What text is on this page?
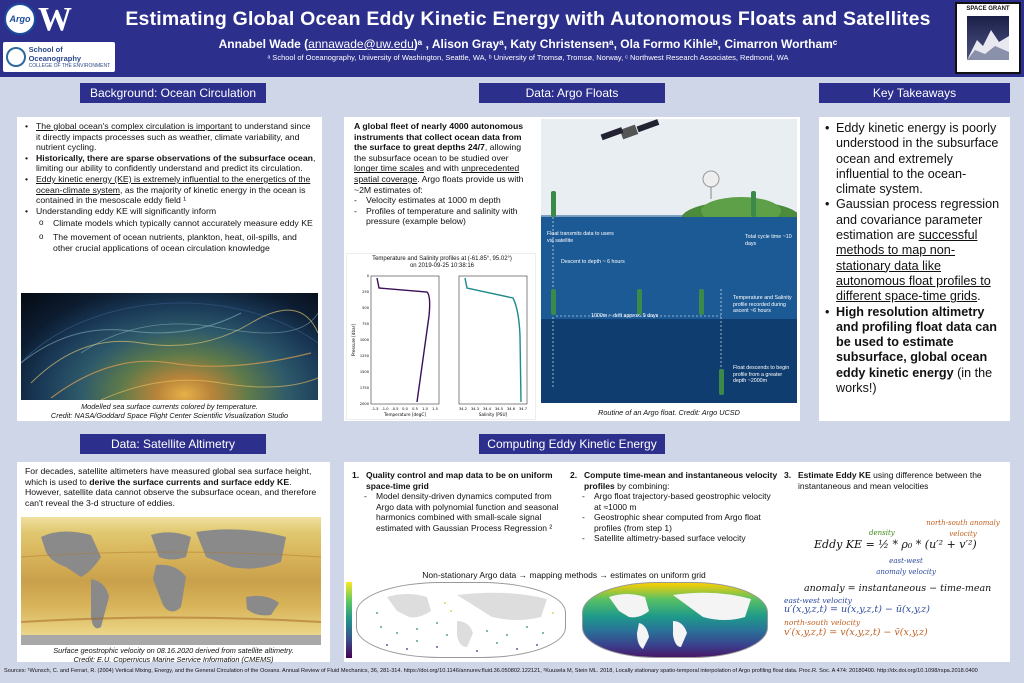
Argo W
School of Oceanography
COLLEGE OF THE ENVIRONMENT
Estimating Global Ocean Eddy Kinetic Energy with Autonomous Floats and Satellites
Annabel Wade (annawade@uw.edu)ᵃ , Alison Grayᵃ, Katy Christensenᵃ, Ola Formo Kihleᵇ, Cimarron Worthamᶜ
ᵃ School of Oceanography, University of Washington, Seattle, WA, ᵇ University of Tromsø, Tromsø, Norway, ᶜ Northwest Research Associates, Redmond, WA
SPACE GRANT
WASHINGTON	CONSORTIUM
N A S A
Background: Ocean Circulation	Data: Argo Floats	Key Takeaways
Data: Satellite Altimetry	Computing Eddy Kinetic Energy
• The global ocean's complex circulation is important to understand since it directly impacts processes such as weather, climate variability, and nutrient cycling.
• Historically, there are sparse observations of the subsurface ocean, limiting our ability to confidently understand and predict its circulation.
• Eddy kinetic energy (KE) is extremely influential to the energetics of the ocean-climate system, as the majority of kinetic energy in the ocean is contained in the mesoscale eddy field ¹
• Understanding eddy KE will significantly inform
o Climate models which typically cannot accurately measure eddy KE
o The movement of ocean nutrients, plankton, heat, oil-spills, and other crucial applications of ocean circulation knowledge
Modelled sea surface currents colored by temperature.
Credit: NASA/Goddard Space Flight Center Scientific Visualization Studio
A global fleet of nearly 4000 autonomous instruments that collect ocean data from the surface to great depths 24/7, allowing the subsurface ocean to be studied over longer time scales and with unprecedented spatial coverage. Argo floats provide us with ~2M estimates of:
- Velocity estimates at 1000 m depth
- Profiles of temperature and salinity with pressure (example below)
Float transmits data to users via satellite
Descent to depth ~ 6 hours
Total cycle time ~10 days
1000m ~ drift approx. 9 days
Temperature and Salinity profile recorded during ascent ~6 hours
Float descends to begin profile from a greater depth ~2000m
Routine of an Argo float. Credit: Argo UCSD
Temperature and Salinity profiles at (-61.85°, 95.02°)
on 2019-09-25 10:38:16
-1.5 -1.0 -0.5 0.0 0.5 1.0 1.5	34.2 34.3 34.4 34.5 34.6 34.7
0
250
500
750
1000
1250
1500
1750
2000
Temperature [degC]	Salinity [PSU]
Pressure [dbar]
• Eddy kinetic energy is poorly understood in the subsurface ocean and extremely influential to the ocean-climate system.
• Gaussian process regression and covariance parameter estimation are successful methods to map non-stationary data like autonomous float profiles to different space-time grids.
• High resolution altimetry and profiling float data can be used to estimate subsurface, global ocean eddy kinetic energy (in the works!)
For decades, satellite altimeters have measured global sea surface height, which is used to derive the surface currents and surface eddy KE. However, satellite data cannot observe the subsurface ocean, and therefore can't reveal the 3-d structure of eddies.
Surface geostrophic velocity on 08.16.2020 derived from satellite altimetry.
Credit: E.U. Copernicus Marine Service Information (CMEMS)
1. Quality control and map data to be on uniform space-time grid
- Model density-driven dynamics computed from Argo data with polynomial function and seasonal harmonics combined with small-scale signal estimated with Gaussian Process Regression ²
2. Compute time-mean and instantaneous velocity profiles by combining:
- Argo float trajectory-based geostrophic velocity at ≈1000 m
- Geostrophic shear computed from Argo float profiles (from step 1)
- Satellite altimetry-based surface velocity
3. Estimate Eddy KE using difference between the instantaneous and mean velocities
Non-stationary Argo data → mapping methods → estimates on uniform grid
Eddy KE = ½ * ρ₀ * (u′² + v′²)
density
north-south anomaly velocity
east-west anomaly velocity
anomaly = instantaneous − time-mean
east-west velocity
u′(x,y,z,t) = u(x,y,z,t) − ū(x,y,z)
north-south velocity
v′(x,y,z,t) = v(x,y,z,t) − v̄(x,y,z)
Sources: ¹Wunsch, C. and Ferrari, R. (2004) Vertical Mixing, Energy, and the General Circulation of the Oceans. Annual Review of Fluid Mechanics, 36, 281-314. https://doi.org/10.1146/annurev.fluid.36.050802.122121, ²Kuusela M, Stein ML. 2018, Locally stationary spatio-temporal interpolation of Argo profiling float data. Proc.R. Soc. A 474: 20180400. http://dx.doi.org/10.1098/rspa.2018.0400
